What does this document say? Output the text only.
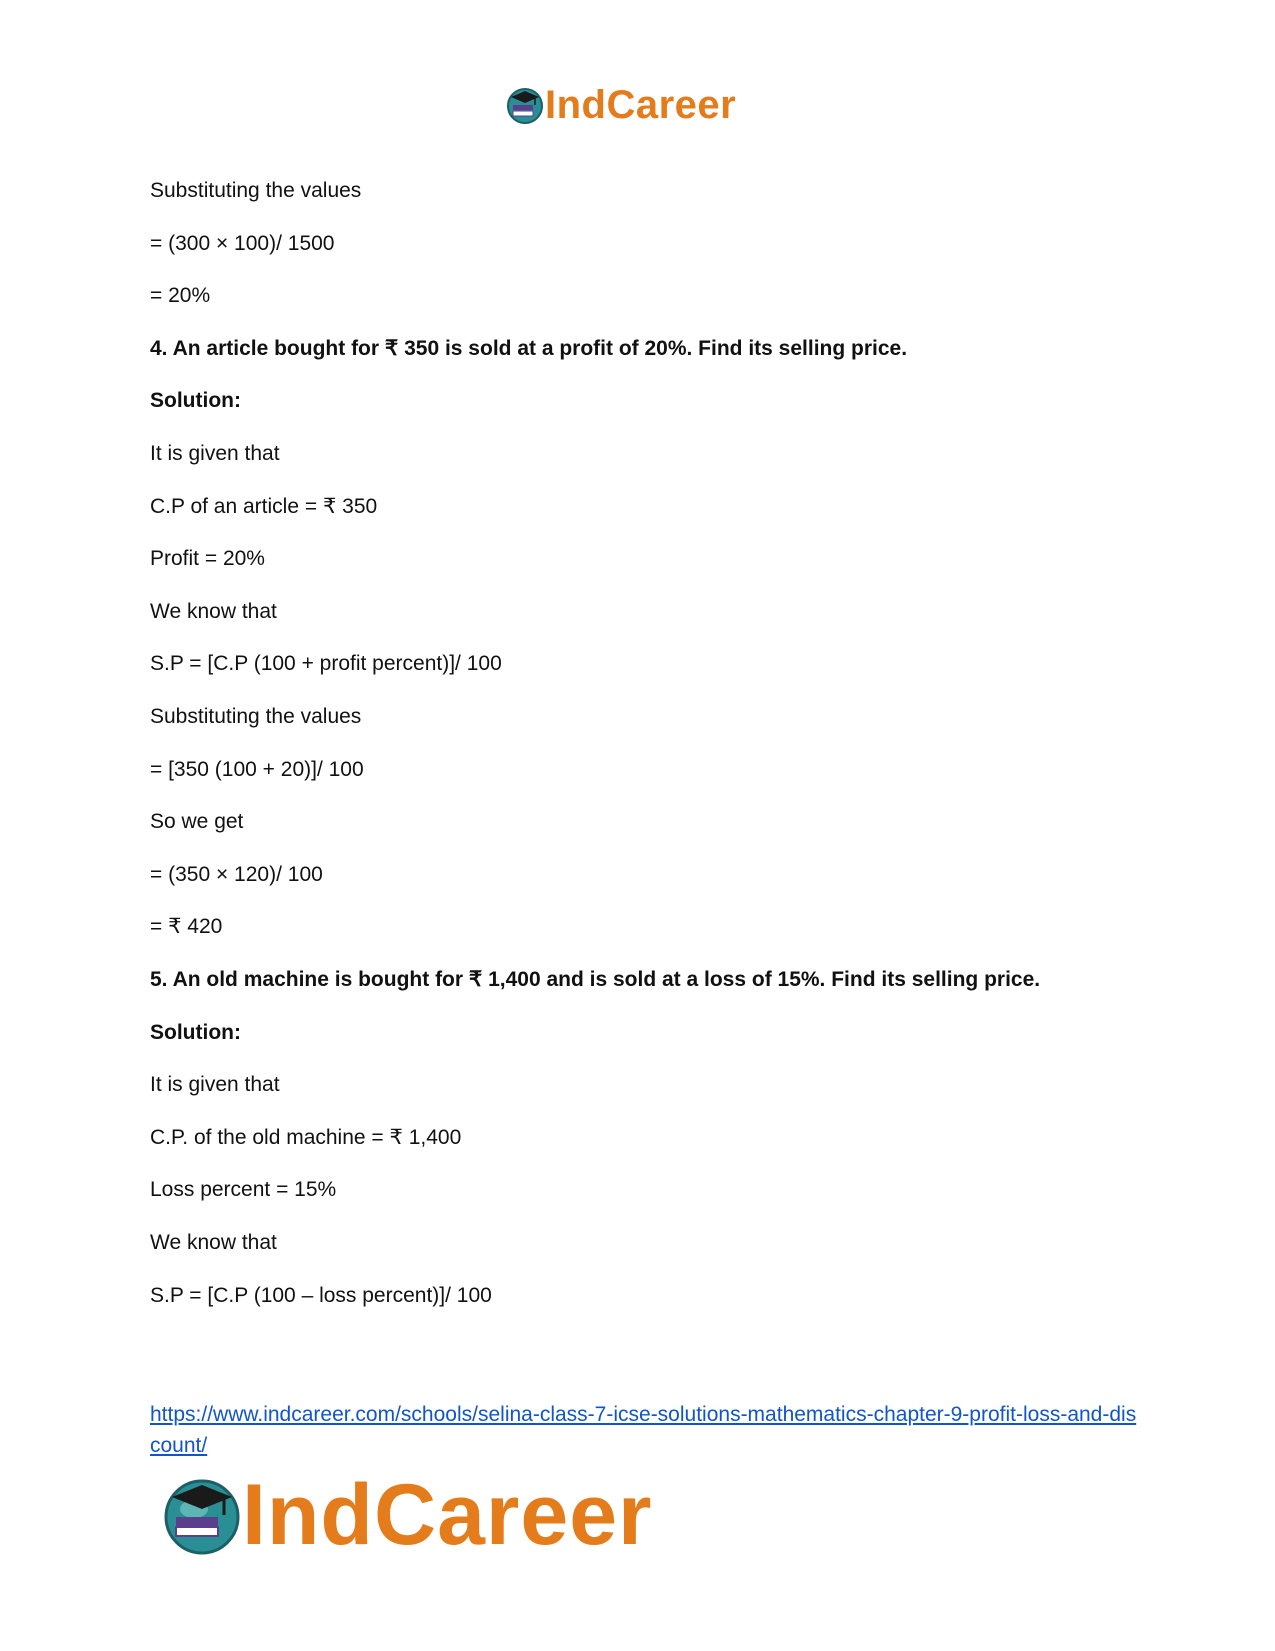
IndCareer
Substituting the values
= (300 × 100)/ 1500
= 20%
4. An article bought for ₹ 350 is sold at a profit of 20%. Find its selling price.
Solution:
It is given that
C.P of an article = ₹ 350
Profit = 20%
We know that
S.P = [C.P (100 + profit percent)]/ 100
Substituting the values
= [350 (100 + 20)]/ 100
So we get
= (350 × 120)/ 100
= ₹ 420
5. An old machine is bought for ₹ 1,400 and is sold at a loss of 15%. Find its selling price.
Solution:
It is given that
C.P. of the old machine = ₹ 1,400
Loss percent = 15%
We know that
S.P = [C.P (100 – loss percent)]/ 100
https://www.indcareer.com/schools/selina-class-7-icse-solutions-mathematics-chapter-9-profit-loss-and-discount/
IndCareer
